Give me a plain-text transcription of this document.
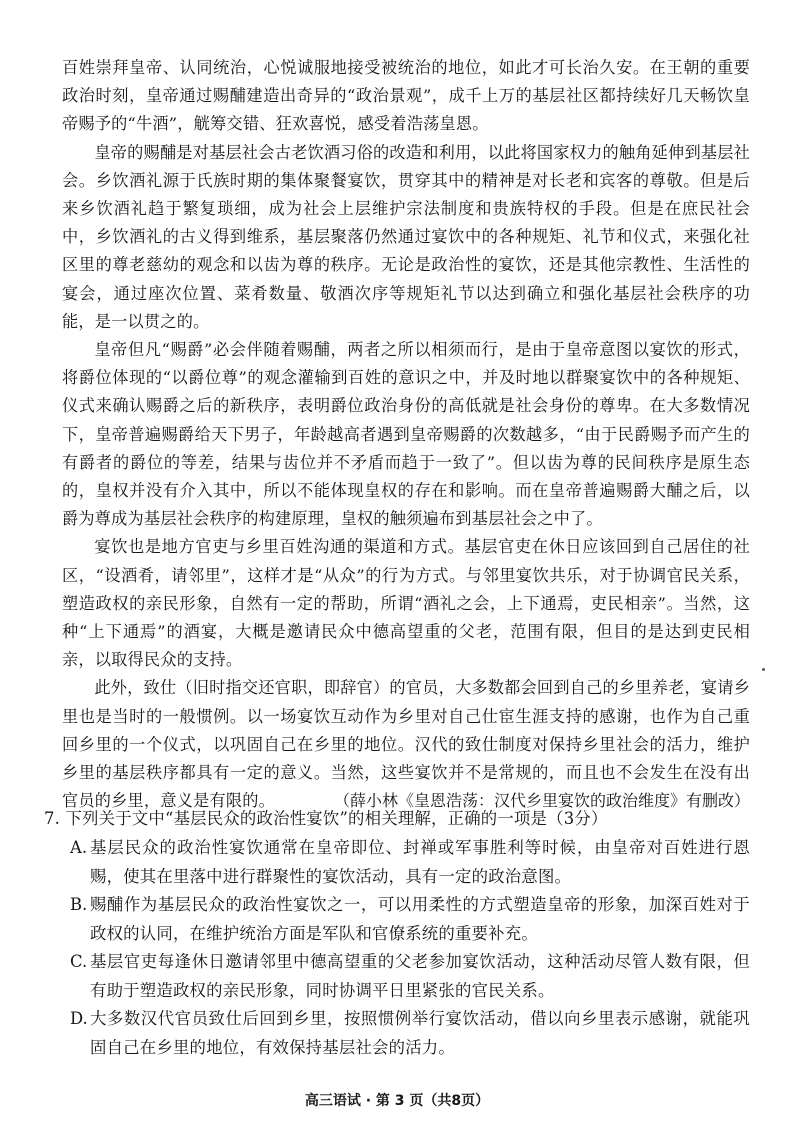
百姓崇拜皇帝、认同统治，心悦诚服地接受被统治的地位，如此才可长治久安。在王朝的重要政治时刻，皇帝通过赐酺建造出奇异的“政治景观”，成千上万的基层社区都持续好几天畅饮皇帝赐予的“牛酒”，觥筹交错、狂欢喜悦，感受着浩荡皇恩。

皇帝的赐酺是对基层社会古老饮酒习俗的改造和利用，以此将国家权力的触角延伸到基层社会。乡饮酒礼源于氏族时期的集体聚餐宴饮，贯穿其中的精神是对长老和宾客的尊敬。但是后来乡饮酒礼趋于繁复琐细，成为社会上层维护宗法制度和贵族特权的手段。但是在庶民社会中，乡饮酒礼的古义得到维系，基层聚落仍然通过宴饮中的各种规矩、礼节和仪式，来强化社区里的尊老慈幼的观念和以齿为尊的秩序。无论是政治性的宴饮，还是其他宗教性、生活性的宴会，通过座次位置、菜肴数量、敬酒次序等规矩礼节以达到确立和强化基层社会秩序的功能，是一以贯之的。

皇帝但凡“赐爵”必会伴随着赐酺，两者之所以相须而行，是由于皇帝意图以宴饮的形式，将爵位体现的“以爵位尊”的观念灌输到百姓的意识之中，并及时地以群聚宴饮中的各种规矩、仪式来确认赐爵之后的新秩序，表明爵位政治身份的高低就是社会身份的尊卑。在大多数情况下，皇帝普遍赐爵给天下男子，年龄越高者遇到皇帝赐爵的次数越多，“由于民爵赐予而产生的有爵者的爵位的等差，结果与齿位并不矛盾而趋于一致了”。但以齿为尊的民间秩序是原生态的，皇权并没有介入其中，所以不能体现皇权的存在和影响。而在皇帝普遍赐爵大酺之后，以爵为尊成为基层社会秩序的构建原理，皇权的触须遍布到基层社会之中了。

宴饮也是地方官吏与乡里百姓沟通的渠道和方式。基层官吏在休日应该回到自己居住的社区，“设酒肴，请邻里”，这样才是“从众”的行为方式。与邻里宴饮共乐，对于协调官民关系，塑造政权的亲民形象，自然有一定的帮助，所谓“酒礼之会，上下通焉，吏民相亲”。当然，这种“上下通焉”的酒宴，大概是邀请民众中德高望重的父老，范围有限，但目的是达到吏民相亲，以取得民众的支持。

此外，致仕（旧时指交还官职，即辞官）的官员，大多数都会回到自己的乡里养老，宴请乡里也是当时的一般惯例。以一场宴饮互动作为乡里对自己仕宦生涯支持的感谢，也作为自己重回乡里的一个仪式，以巩固自己在乡里的地位。汉代的致仕制度对保持乡里社会的活力，维护乡里的基层秩序都具有一定的意义。当然，这些宴饮并不是常规的，而且也不会发生在没有出官员的乡里，意义是有限的。	（薛小林《皇恩浩荡：汉代乡里宴饮的政治维度》有删改）

7. 下列关于文中“基层民众的政治性宴饮”的相关理解，正确的一项是（3分）

A. 基层民众的政治性宴饮通常在皇帝即位、封禅或军事胜利等时候，由皇帝对百姓进行恩赐，使其在里落中进行群聚性的宴饮活动，具有一定的政治意图。
B. 赐酺作为基层民众的政治性宴饮之一，可以用柔性的方式塑造皇帝的形象，加深百姓对于政权的认同，在维护统治方面是军队和官僚系统的重要补充。
C. 基层官吏每逢休日邀请邻里中德高望重的父老参加宴饮活动，这种活动尽管人数有限，但有助于塑造政权的亲民形象，同时协调平日里紧张的官民关系。
D. 大多数汉代官员致仕后回到乡里，按照惯例举行宴饮活动，借以向乡里表示感谢，就能巩固自己在乡里的地位，有效保持基层社会的活力。
高三语试 · 第 3 页（共8页）
